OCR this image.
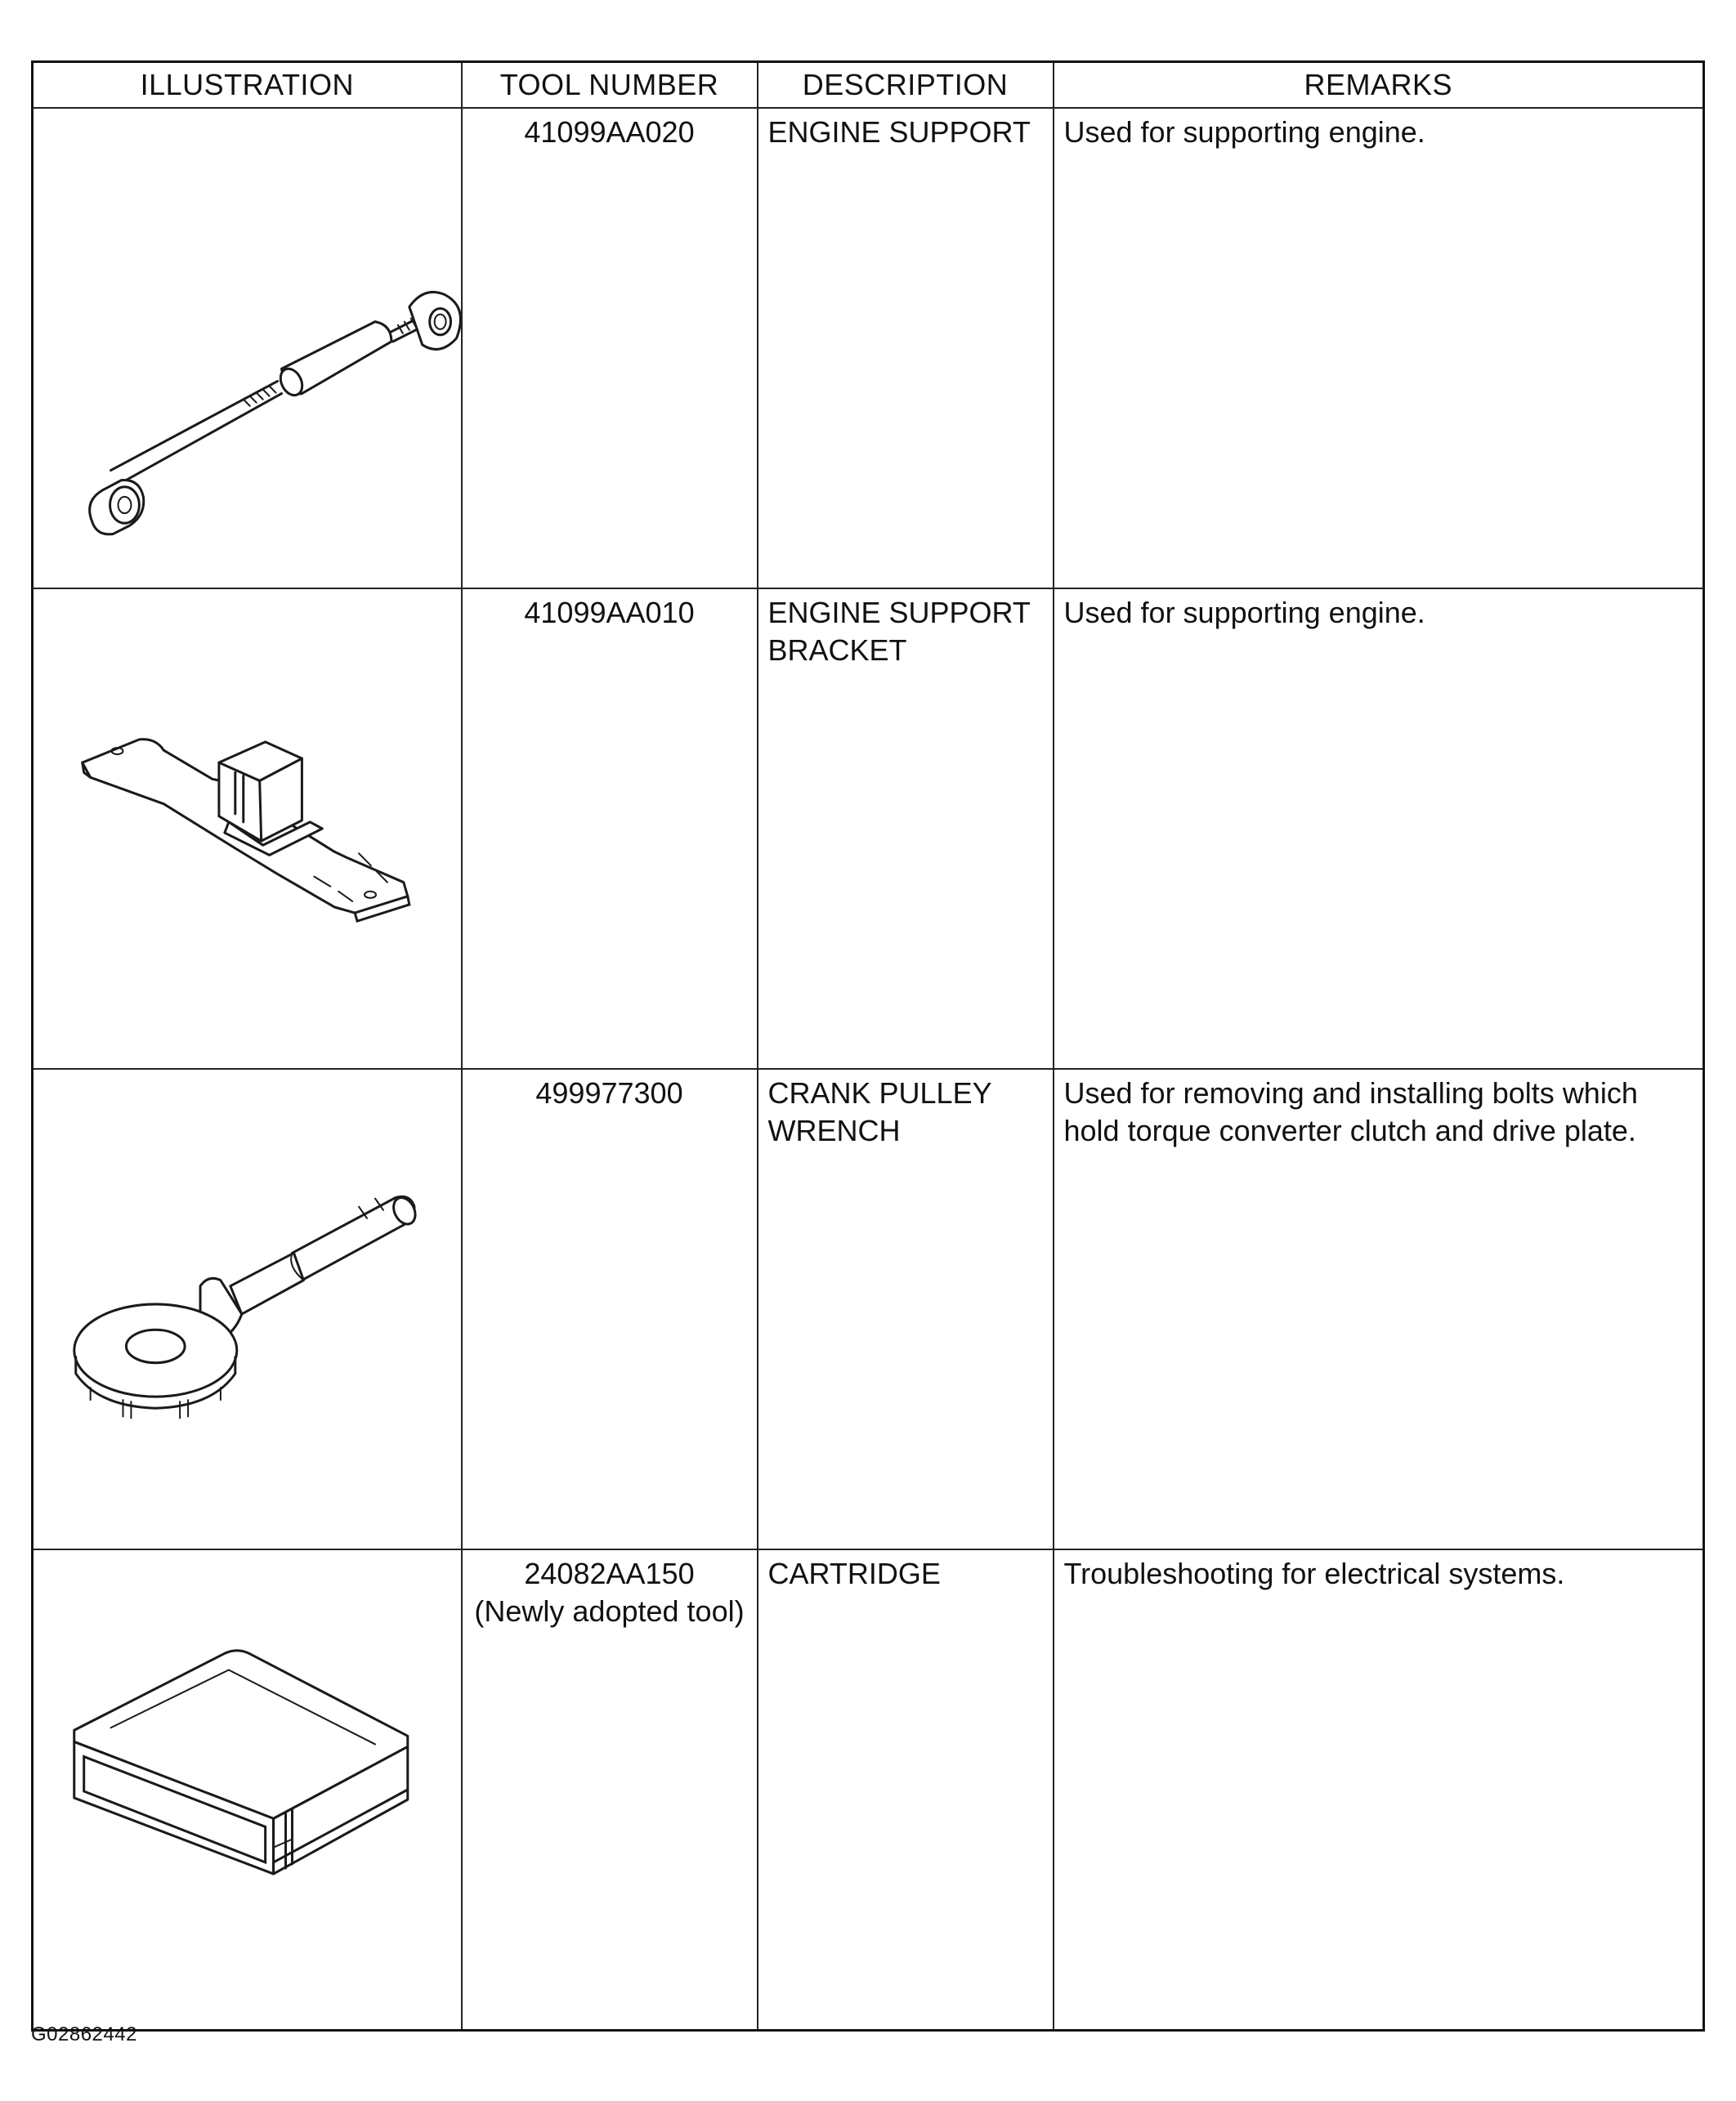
ILLUSTRATION	TOOL NUMBER	DESCRIPTION	REMARKS

41099AA020	ENGINE SUPPORT	Used for supporting engine.

41099AA010	ENGINE SUPPORT
BRACKET	Used for supporting engine.

499977300	CRANK PULLEY
WRENCH	Used for removing and installing bolts which
hold torque converter clutch and drive plate.

24082AA150
(Newly adopted tool)	CARTRIDGE	Troubleshooting for electrical systems.
G02862442
